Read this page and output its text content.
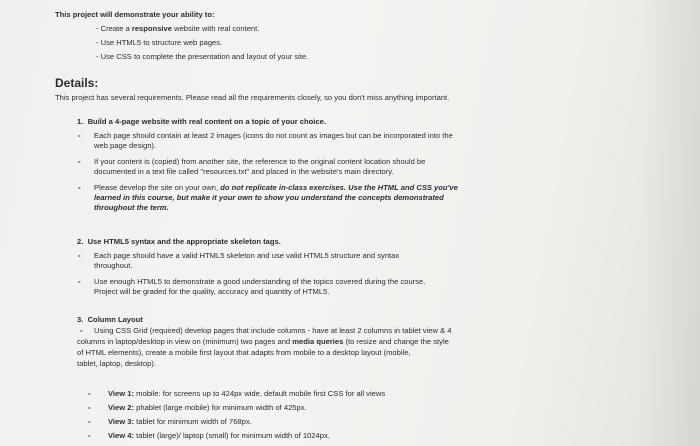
This project will demonstrate your ability to:
- Create a responsive website with real content.
- Use HTML5 to structure web pages.
- Use CSS to complete the presentation and layout of your site.
Details:
This project has several requirements. Please read all the requirements closely, so you don't miss anything important.
1. Build a 4-page website with real content on a topic of your choice.
- Each page should contain at least 2 images (icons do not count as images but can be incorporated into the
web page design).
- If your content is (copied) from another site, the reference to the original content location should be
documented in a text file called "resources.txt" and placed in the website's main directory.
- Please develop the site on your own, do not replicate in-class exercises. Use the HTML and CSS you've
learned in this course, but make it your own to show you understand the concepts demonstrated
throughout the term.
2. Use HTML5 syntax and the appropriate skeleton tags.
- Each page should have a valid HTML5 skeleton and use valid HTML5 structure and syntax
throughout.
- Use enough HTML5 to demonstrate a good understanding of the topics covered during the course.
Project will be graded for the quality, accuracy and quantity of HTML5.
3. Column Layout
- Using CSS Grid (required) develop pages that include columns - have at least 2 columns in tablet view & 4
columns in laptop/desktop in view on (minimum) two pages and media queries (to resize and change the style
of HTML elements), create a mobile first layout that adapts from mobile to a desktop layout (mobile,
tablet, laptop, desktop).
- View 1: mobile: for screens up to 424px wide, default mobile first CSS for all views
- View 2: phablet (large mobile) for minimum width of 425px.
- View 3: tablet for minimum width of 768px.
- View 4: tablet (large)/ laptop (small) for minimum width of 1024px.
